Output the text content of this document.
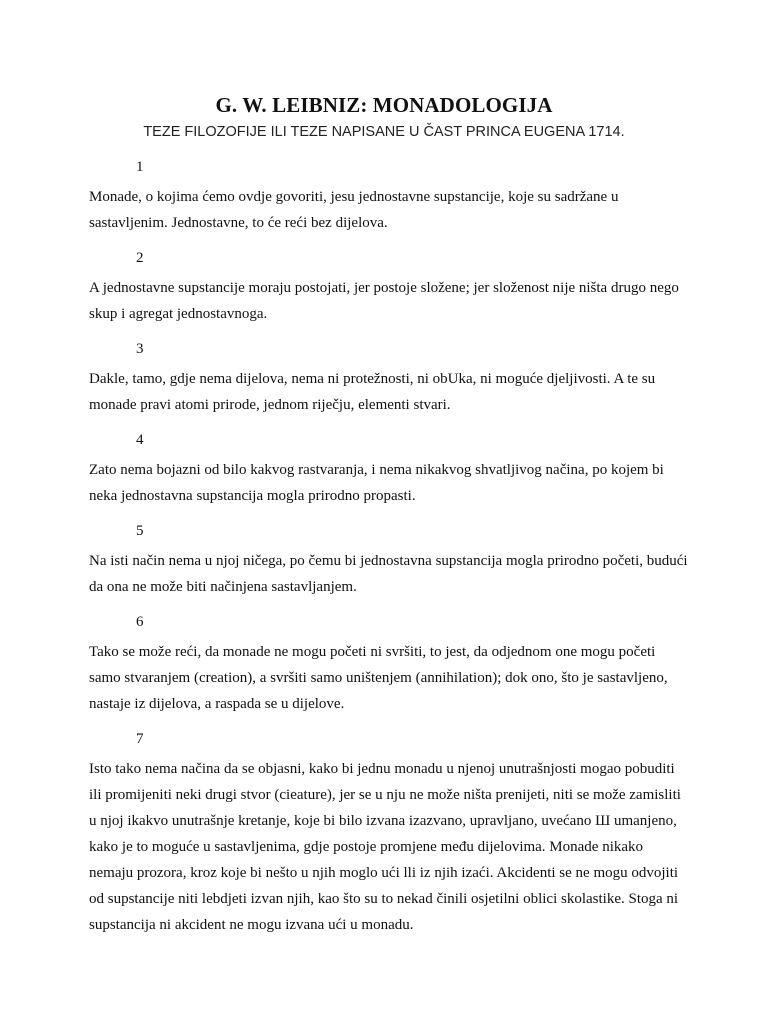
G. W. LEIBNIZ: MONADOLOGIJA
TEZE FILOZOFIJE ILI TEZE NAPISANE U ČAST PRINCA EUGENA 1714.
1
Monade, o kojima ćemo ovdje govoriti, jesu jednostavne supstancije, koje su sadržane u sastavljenim. Jednostavne, to će reći bez dijelova.
2
A jednostavne supstancije moraju postojati, jer postoje složene; jer složenost nije ništa drugo nego skup i agregat jednostavnoga.
3
Dakle, tamo, gdje nema dijelova, nema ni protežnosti, ni obUka, ni moguće djeljivosti. A te su monade pravi atomi prirode, jednom riječju, elementi stvari.
4
Zato nema bojazni od bilo kakvog rastvaranja, i nema nikakvog shvatljivog načina, po kojem bi neka jednostavna supstancija mogla prirodno propasti.
5
Na isti način nema u njoj ničega, po čemu bi jednostavna supstancija mogla prirodno početi, budući da ona ne može biti načinjena sastavljanjem.
6
Tako se može reći, da monade ne mogu početi ni svršiti, to jest, da odjednom one mogu početi samo stvaranjem (creation), a svršiti samo uništenjem (annihilation); dok ono, što je sastavljeno, nastaje iz dijelova, a raspada se u dijelove.
7
Isto tako nema načina da se objasni, kako bi jednu monadu u njenoj unutrašnjosti mogao pobuditi ili promijeniti neki drugi stvor (cieature), jer se u nju ne može ništa prenijeti, niti se može zamisliti u njoj ikakvo unutrašnje kretanje, koje bi bilo izvana izazvano, upravljano, uvećano Ш umanjeno, kako je to moguće u sastavljenima, gdje postoje promjene među dijelovima. Monade nikako nemaju prozora, kroz koje bi nešto u njih moglo ući lli iz njih izaći. Akcidenti se ne mogu odvojiti od supstancije niti lebdjeti izvan njih, kao što su to nekad činili osjetilni oblici skolastike. Stoga ni supstancija ni akcident ne mogu izvana ući u monadu.
